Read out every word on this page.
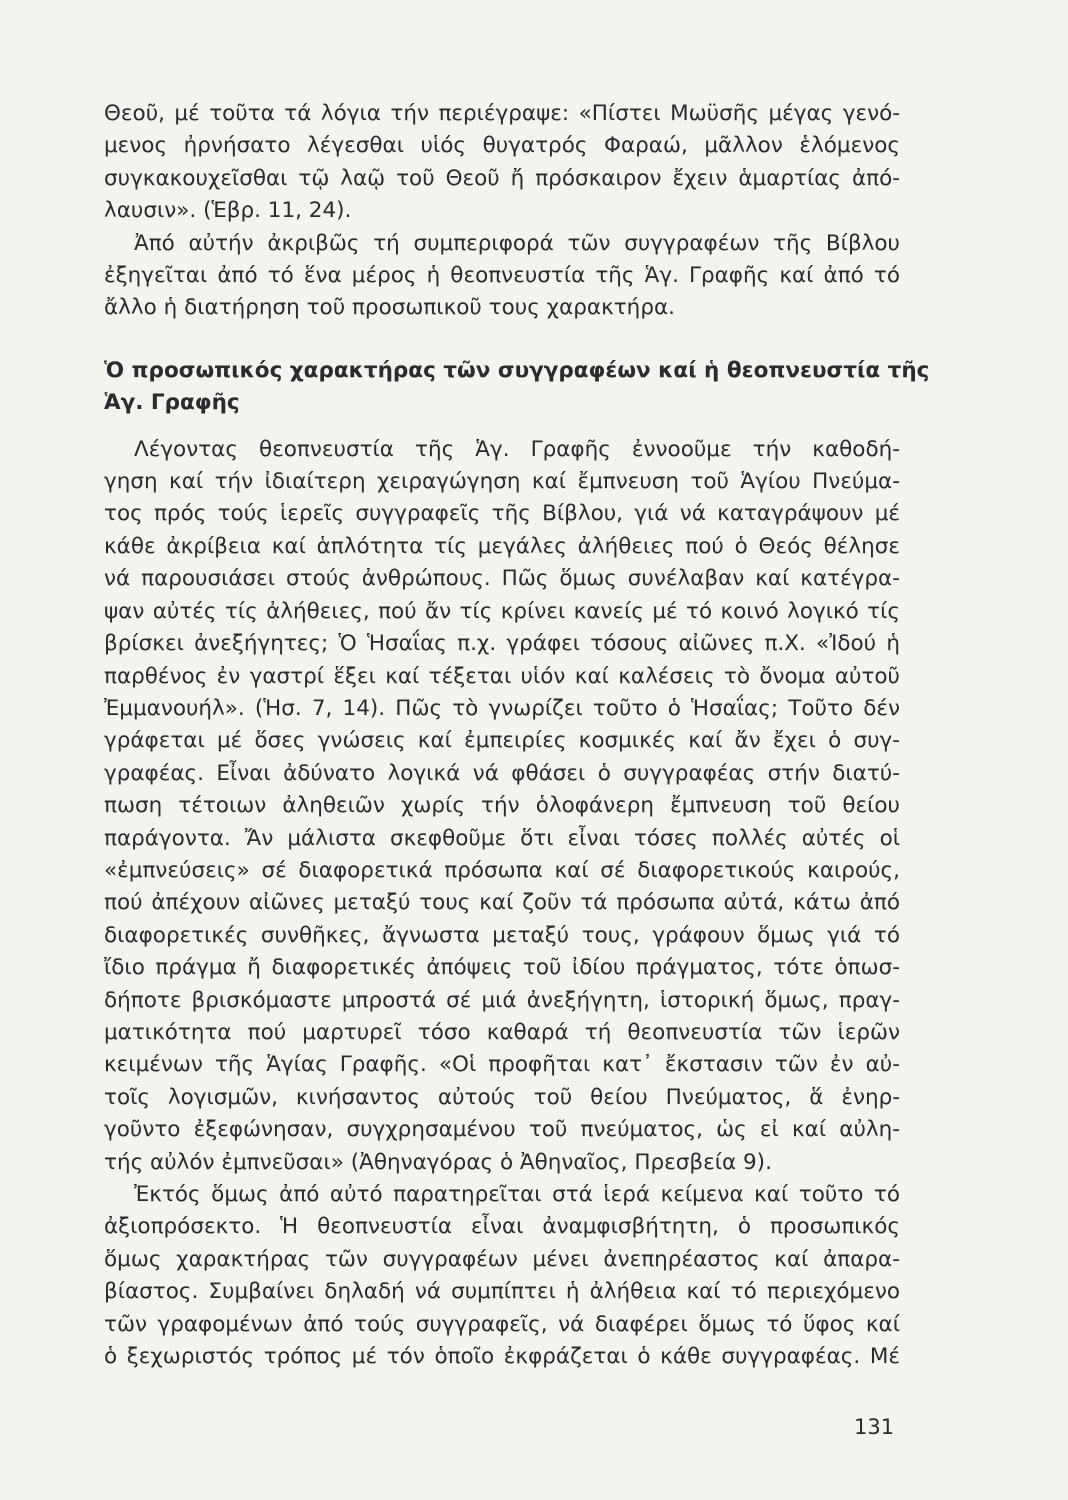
Θεοῦ, μέ τοῦτα τά λόγια τήν περιέγραψε: «Πίστει Μωϋσῆς μέγας γενό-
μενος ἠρνήσατο λέγεσθαι υἱός θυγατρός Φαραώ, μᾶλλον ἑλόμενος
συγκακουχεῖσθαι τῷ λαῷ τοῦ Θεοῦ ἤ πρόσκαιρον ἔχειν ἁμαρτίας ἀπό-
λαυσιν». (Ἑβρ. 11, 24).

Ἀπό αὐτήν ἀκριβῶς τή συμπεριφορά τῶν συγγραφέων τῆς Βίβλου
ἐξηγεῖται ἀπό τό ἕνα μέρος ἡ θεοπνευστία τῆς Ἁγ. Γραφῆς καί ἀπό τό
ἄλλο ἡ διατήρηση τοῦ προσωπικοῦ τους χαρακτήρα.

Ὁ προσωπικός χαρακτήρας τῶν συγγραφέων καί ἡ θεοπνευστία τῆς
Ἁγ. Γραφῆς

Λέγοντας θεοπνευστία τῆς Ἁγ. Γραφῆς ἐννοοῦμε τήν καθοδή-
γηση καί τήν ἰδιαίτερη χειραγώγηση καί ἔμπνευση τοῦ Ἁγίου Πνεύμα-
τος πρός τούς ἱερεῖς συγγραφεῖς τῆς Βίβλου, γιά νά καταγράψουν μέ
κάθε ἀκρίβεια καί ἁπλότητα τίς μεγάλες ἀλήθειες πού ὁ Θεός θέλησε
νά παρουσιάσει στούς ἀνθρώπους. Πῶς ὅμως συνέλαβαν καί κατέγρα-
ψαν αὐτές τίς ἀλήθειες, πού ἄν τίς κρίνει κανείς μέ τό κοινό λογικό τίς
βρίσκει ἀνεξήγητες; Ὁ Ἡσαΐας π.χ. γράφει τόσους αἰῶνες π.Χ. «Ἰδού ἡ
παρθένος ἐν γαστρί ἕξει καί τέξεται υἱόν καί καλέσεις τὸ ὄνομα αὐτοῦ
Ἐμμανουήλ». (Ἡσ. 7, 14). Πῶς τὸ γνωρίζει τοῦτο ὁ Ἡσαΐας; Τοῦτο δέν
γράφεται μέ ὅσες γνώσεις καί ἐμπειρίες κοσμικές καί ἄν ἔχει ὁ συγ-
γραφέας. Εἶναι ἀδύνατο λογικά νά φθάσει ὁ συγγραφέας στήν διατύ-
πωση τέτοιων ἀληθειῶν χωρίς τήν ὁλοφάνερη ἔμπνευση τοῦ θείου
παράγοντα. Ἄν μάλιστα σκεφθοῦμε ὅτι εἶναι τόσες πολλές αὐτές οἱ
«ἐμπνεύσεις» σέ διαφορετικά πρόσωπα καί σέ διαφορετικούς καιρούς,
πού ἀπέχουν αἰῶνες μεταξύ τους καί ζοῦν τά πρόσωπα αὐτά, κάτω ἀπό
διαφορετικές συνθῆκες, ἄγνωστα μεταξύ τους, γράφουν ὅμως γιά τό
ἴδιο πράγμα ἤ διαφορετικές ἀπόψεις τοῦ ἰδίου πράγματος, τότε ὁπωσ-
δήποτε βρισκόμαστε μπροστά σέ μιά ἀνεξήγητη, ἱστορική ὅμως, πραγ-
ματικότητα πού μαρτυρεῖ τόσο καθαρά τή θεοπνευστία τῶν ἱερῶν
κειμένων τῆς Ἁγίας Γραφῆς. «Οἱ προφῆται κατ᾽ ἔκστασιν τῶν ἐν αὐ-
τοῖς λογισμῶν, κινήσαντος αὐτούς τοῦ θείου Πνεύματος, ἅ ἐνηρ-
γοῦντο ἐξεφώνησαν, συγχρησαμένου τοῦ πνεύματος, ὡς εἰ καί αὐλη-
τής αὐλόν ἐμπνεῦσαι» (Ἀθηναγόρας ὁ Ἀθηναῖος, Πρεσβεία 9).

Ἐκτός ὅμως ἀπό αὐτό παρατηρεῖται στά ἱερά κείμενα καί τοῦτο τό
ἀξιοπρόσεκτο. Ἡ θεοπνευστία εἶναι ἀναμφισβήτητη, ὁ προσωπικός
ὅμως χαρακτήρας τῶν συγγραφέων μένει ἀνεπηρέαστος καί ἀπαρα-
βίαστος. Συμβαίνει δηλαδή νά συμπίπτει ἡ ἀλήθεια καί τό περιεχόμενο
τῶν γραφομένων ἀπό τούς συγγραφεῖς, νά διαφέρει ὅμως τό ὕφος καί
ὁ ξεχωριστός τρόπος μέ τόν ὁποῖο ἐκφράζεται ὁ κάθε συγγραφέας. Μέ

131
